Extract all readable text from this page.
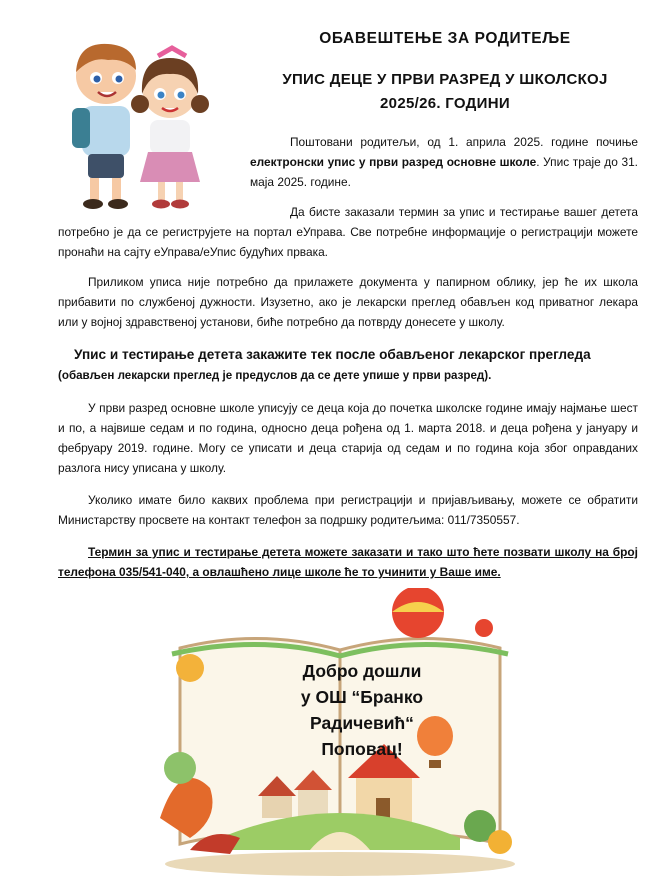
ОБАВЕШТЕЊЕ ЗА РОДИТЕЉЕ
УПИС ДЕЦЕ У ПРВИ РАЗРЕД У ШКОЛСКОЈ
2025/26. ГОДИНИ

Поштовани родитељи, од 1. априла 2025. године почиње електронски упис у први разред основне школе. Упис траје до 31. маја 2025. године.

Да бисте заказали термин за упис и тестирање вашег детета потребно је да се региструјете на портал еУправа. Све потребне информације о регистрацији можете пронаћи на сајту еУправа/еУпис будућих првака.

Приликом уписа није потребно да прилажете документа у папирном облику, јер ће их школа прибавити по службеној дужности. Изузетно, ако је лекарски преглед обављен код приватног лекара или у војној здравственој установи, биће потребно да потврду донесете у школу.

Упис и тестирање детета закажите тек после обављеног лекарског прегледа
(обављен лекарски преглед је предуслов да се дете упише у први разред).

У први разред основне школе уписују се деца која до почетка школске године имају најмање шест и по, а највише седам и по година, односно деца рођена од 1. марта 2018. и деца рођена у јануару и фебруару 2019. године. Могу се уписати и деца старија од седам и по година која због оправданих разлога нису уписана у школу.

Уколико имате било каквих проблема при регистрацији и пријављивању, можете се обратити Министарству просвете на контакт телефон за подршку родитељима: 011/7350557.

Термин за упис и тестирање детета можете заказати и тако што ћете позвати школу на број телефона 035/541-040, а овлашћено лице школе ће то учинити у Ваше име.

Добро дошли
у ОШ “Бранко Радичевић“
Поповац!
